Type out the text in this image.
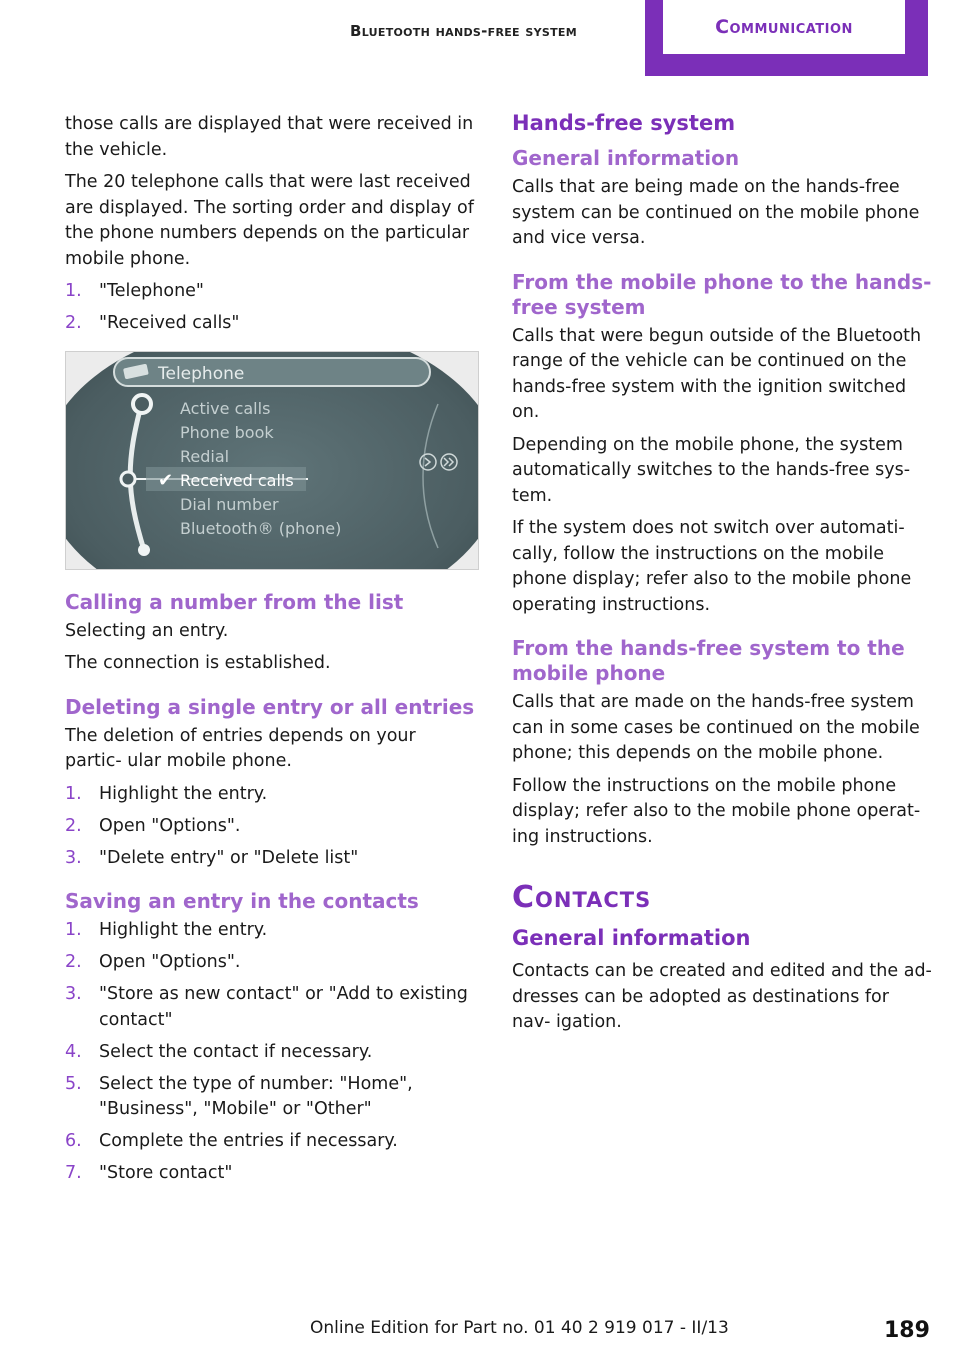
Bluetooth hands-free system	Communication

those calls are displayed that were received in the vehicle.

The 20 telephone calls that were last received are displayed. The sorting order and display of the phone numbers depends on the particular mobile phone.

1. "Telephone"
2. "Received calls"
Telephone
✔
Active calls
Phone book
Redial
Received calls
Dial number
Bluetooth® (phone)
Calling a number from the list

Selecting an entry.

The connection is established.

Deleting a single entry or all entries

The deletion of entries depends on your partic‐ ular mobile phone.

1. Highlight the entry.
2. Open "Options".
3. "Delete entry" or "Delete list"
Saving an entry in the contacts
1. Highlight the entry.
2. Open "Options".
3. "Store as new contact" or "Add to existing contact"
4. Select the contact if necessary.
5. Select the type of number: "Home", "Business", "Mobile" or "Other"
6. Complete the entries if necessary.
7. "Store contact"
Hands-free system
General information

Calls that are being made on the hands-free system can be continued on the mobile phone and vice versa.

From the mobile phone to the hands- free system

Calls that were begun outside of the Bluetooth range of the vehicle can be continued on the hands-free system with the ignition switched on.

Depending on the mobile phone, the system automatically switches to the hands-free sys‐ tem.

If the system does not switch over automati‐ cally, follow the instructions on the mobile phone display; refer also to the mobile phone operating instructions.

From the hands-free system to the mobile phone

Calls that are made on the hands-free system can in some cases be continued on the mobile phone; this depends on the mobile phone.

Follow the instructions on the mobile phone display; refer also to the mobile phone operat‐ ing instructions.

Contacts
General information

Contacts can be created and edited and the ad‐ dresses can be adopted as destinations for nav‐ igation.

Online Edition for Part no. 01 40 2 919 017 - II/13	189
